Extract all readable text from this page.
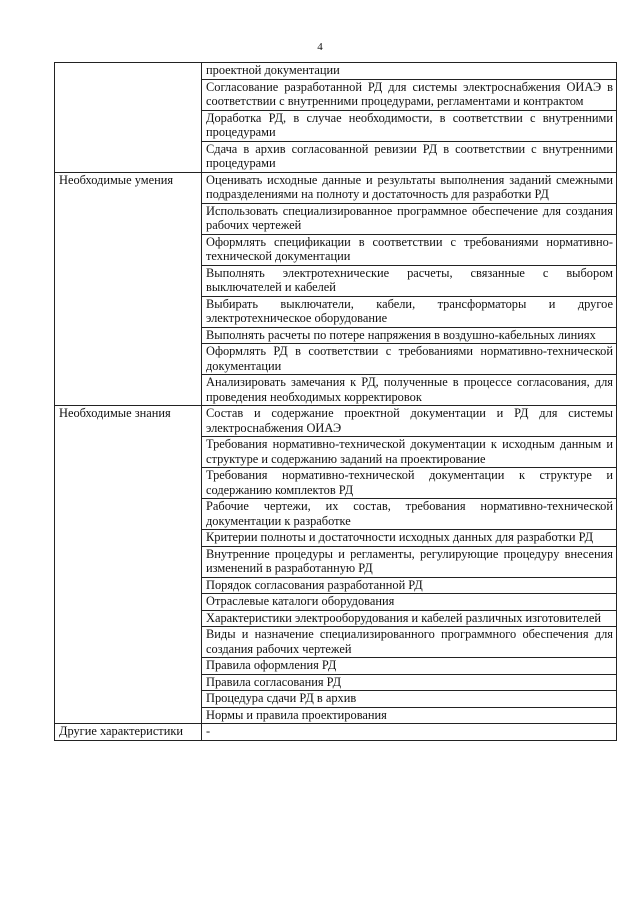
4
	проектной документации
	Согласование разработанной РД для системы электроснабжения ОИАЭ в соответствии с внутренними процедурами, регламентами и контрактом
	Доработка РД, в случае необходимости, в соответствии с внутренними процедурами
	Сдача в архив согласованной ревизии РД в соответствии с внутренними процедурами
Необходимые умения	Оценивать исходные данные и результаты выполнения заданий смежными подразделениями на полноту и достаточность для разработки РД
	Использовать специализированное программное обеспечение для создания рабочих чертежей
	Оформлять спецификации в соответствии с требованиями нормативно-технической документации
	Выполнять электротехнические расчеты, связанные с выбором выключателей и кабелей
	Выбирать выключатели, кабели, трансформаторы и другое электротехническое оборудование
	Выполнять расчеты по потере напряжения в воздушно-кабельных линиях
	Оформлять РД в соответствии с требованиями нормативно-технической документации
	Анализировать замечания к РД, полученные в процессе согласования, для проведения необходимых корректировок
Необходимые знания	Состав и содержание проектной документации и РД для системы электроснабжения ОИАЭ
	Требования нормативно-технической документации к исходным данным и структуре и содержанию заданий на проектирование
	Требования нормативно-технической документации к структуре и содержанию комплектов РД
	Рабочие чертежи, их состав, требования нормативно-технической документации к разработке
	Критерии полноты и достаточности исходных данных для разработки РД
	Внутренние процедуры и регламенты, регулирующие процедуру внесения изменений в разработанную РД
	Порядок согласования разработанной РД
	Отраслевые каталоги оборудования
	Характеристики электрооборудования и кабелей различных изготовителей
	Виды и назначение специализированного программного обеспечения для создания рабочих чертежей
	Правила оформления РД
	Правила согласования РД
	Процедура сдачи РД в архив
	Нормы и правила проектирования
Другие характеристики	-
